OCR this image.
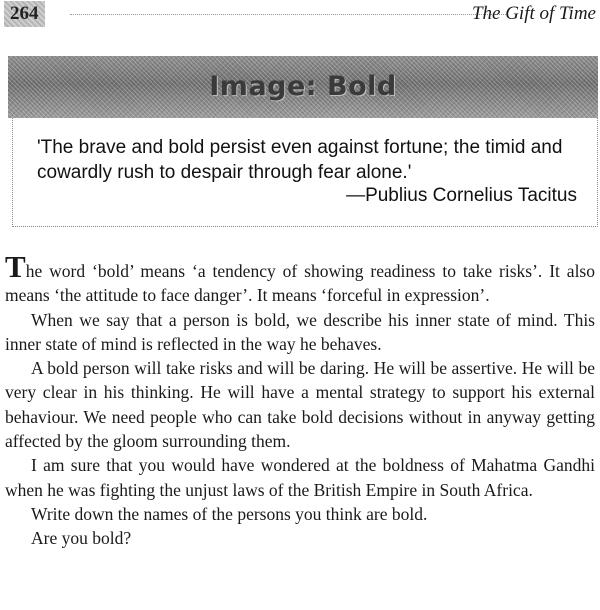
264	The Gift of Time
Image: Bold
'The brave and bold persist even against fortune; the timid and cowardly rush to despair through fear alone.'
—Publius Cornelius Tacitus

The word ‘bold’ means ‘a tendency of showing readiness to take risks’. It also means ‘the attitude to face danger’. It means ‘forceful in expression’.

When we say that a person is bold, we describe his inner state of mind. This inner state of mind is reflected in the way he behaves.

A bold person will take risks and will be daring. He will be assertive. He will be very clear in his thinking. He will have a mental strategy to support his external behaviour. We need people who can take bold decisions without in anyway getting affected by the gloom surrounding them.

I am sure that you would have wondered at the boldness of Mahatma Gandhi when he was fighting the unjust laws of the British Empire in South Africa.

Write down the names of the persons you think are bold.

Are you bold?
